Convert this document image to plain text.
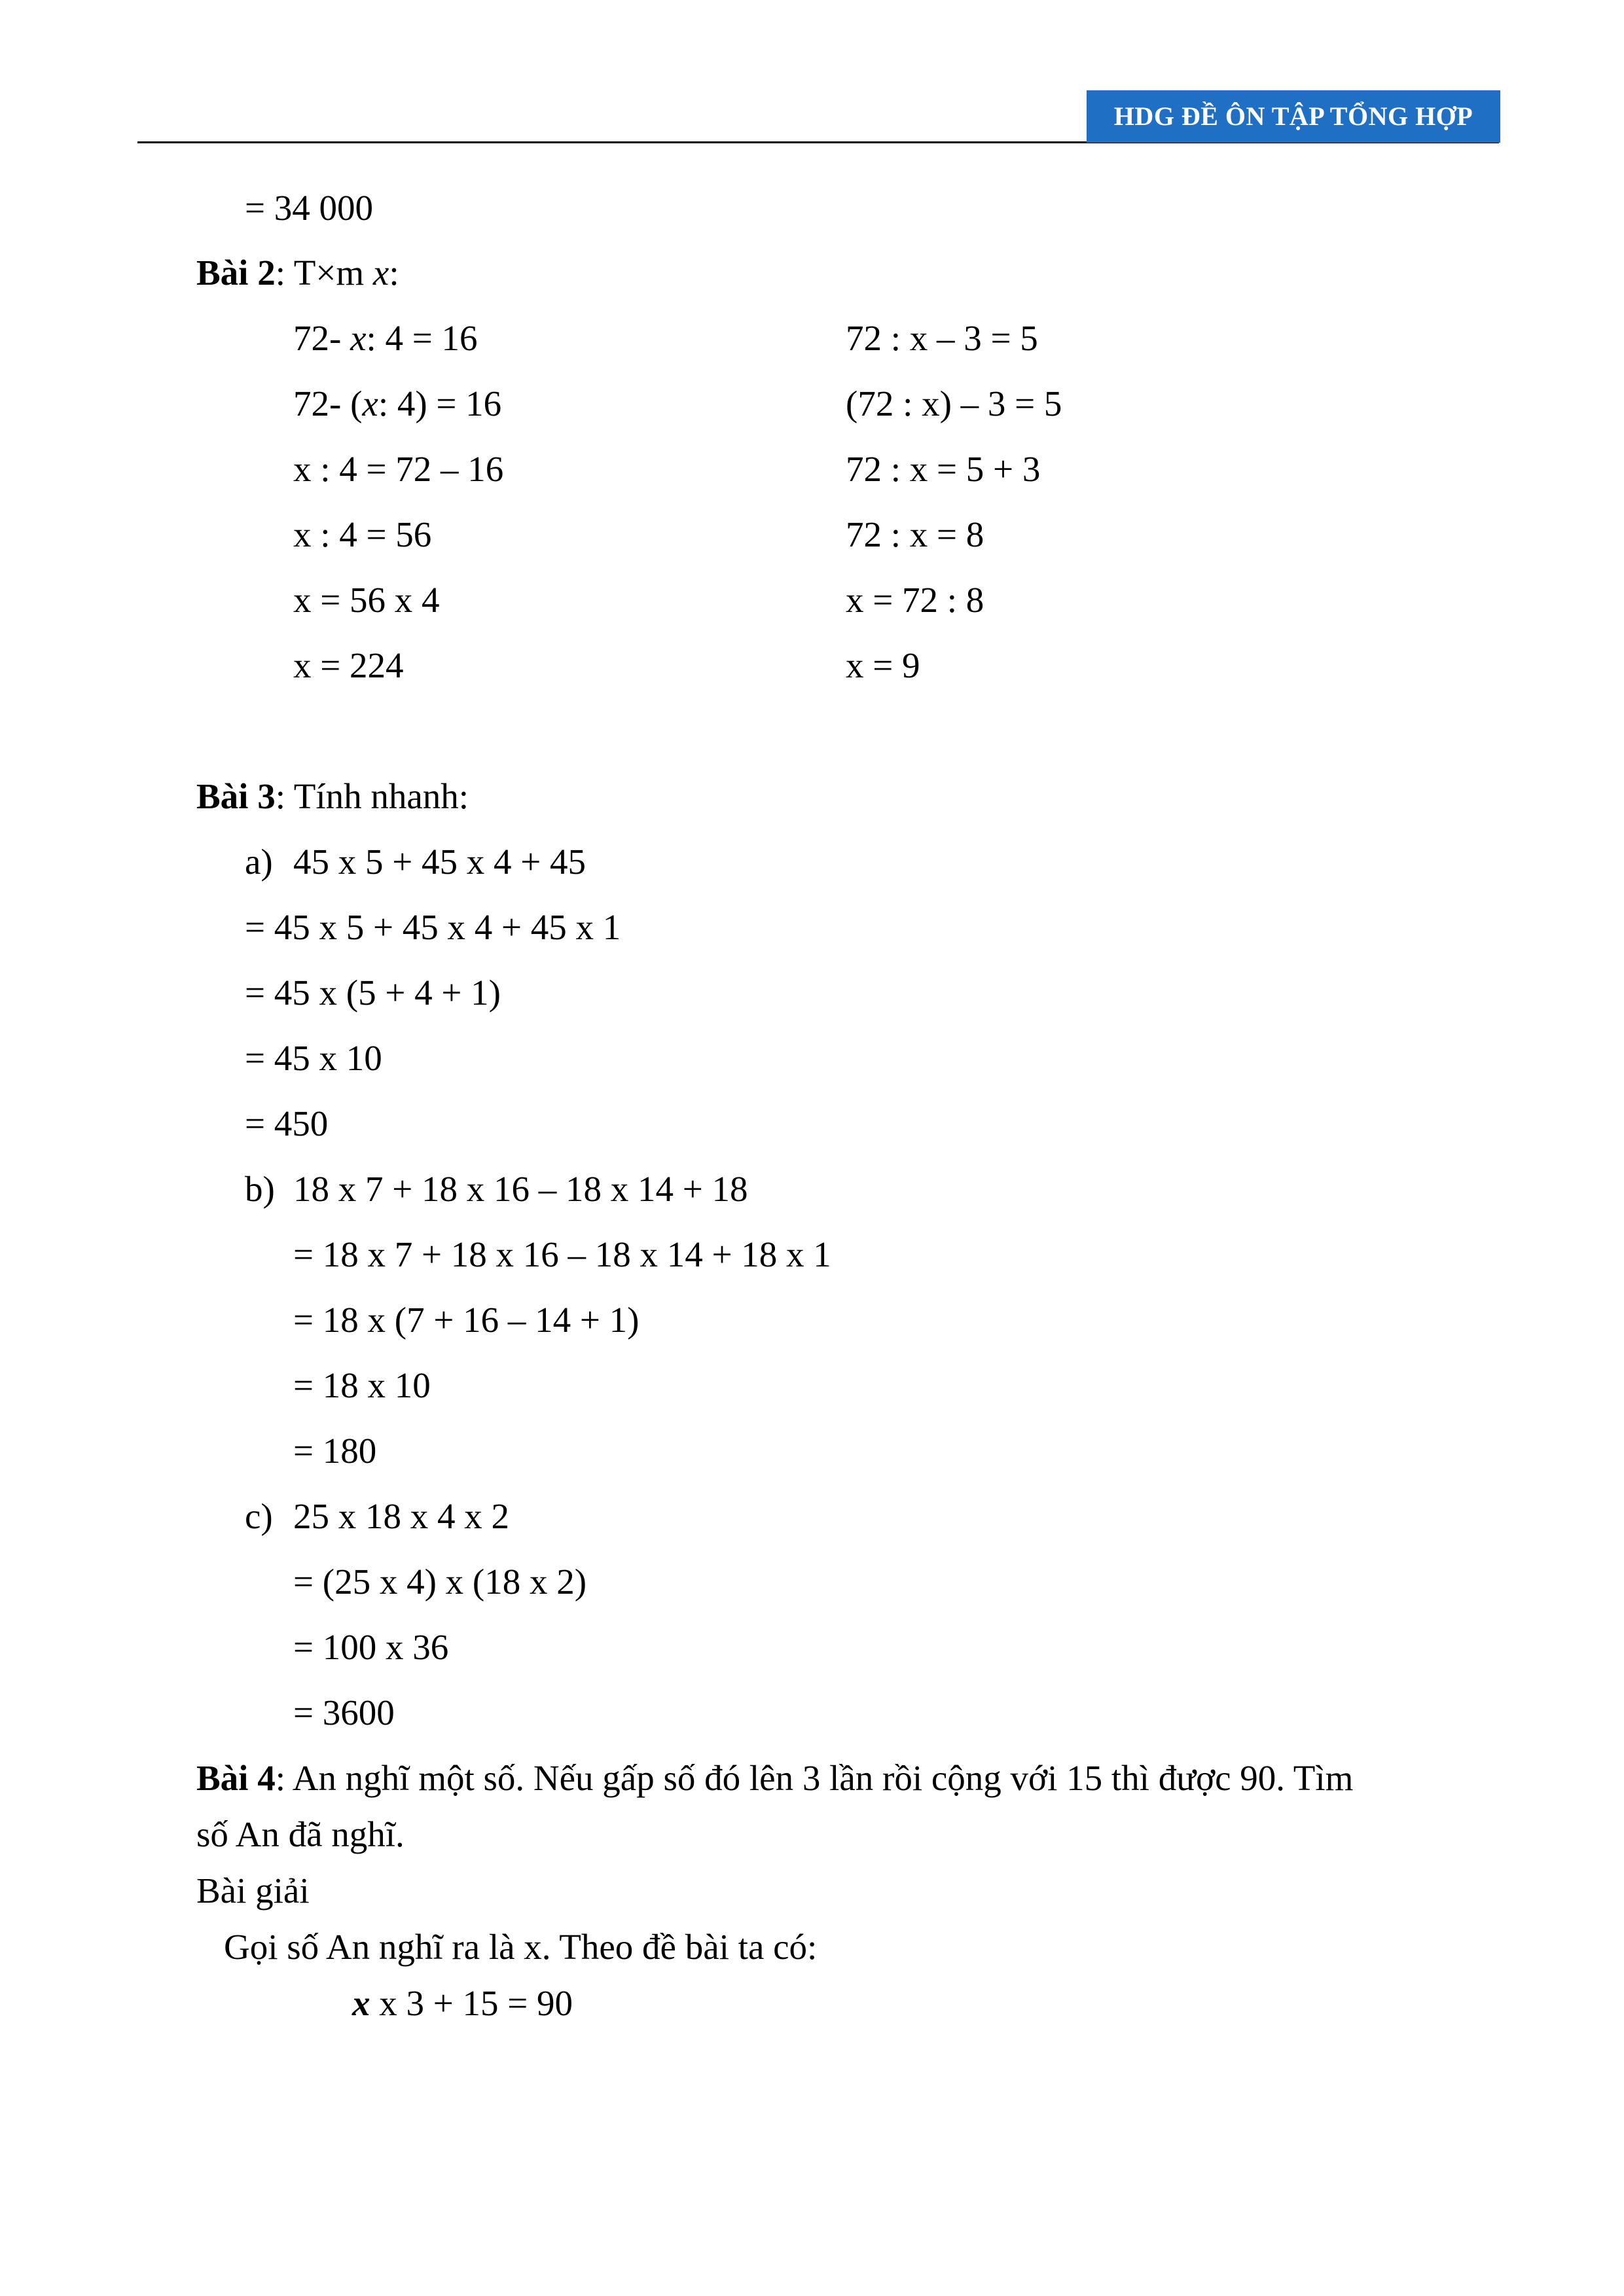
HDG ĐỀ ÔN TẬP TỔNG HỢP
= 34 000
Bài 2: T×m x:
72- x: 4 = 16
72- (x: 4) = 16
x : 4 = 72 – 16
x : 4 = 56
x = 56 x 4
x = 224
72 : x – 3 = 5
(72 : x) – 3 = 5
72 : x = 5 + 3
72 : x = 8
x = 72 : 8
x = 9
Bài 3: Tính nhanh:
a) 45 x 5 + 45 x 4 + 45
= 45 x 5 + 45 x 4 + 45 x 1
= 45 x (5 + 4 + 1)
= 45 x 10
= 450
b) 18 x 7 + 18 x 16 – 18 x 14 + 18
= 18 x 7 + 18 x 16 – 18 x 14 + 18 x 1
= 18 x (7 + 16 – 14 + 1)
= 18 x 10
= 180
c) 25 x 18 x 4 x 2
= (25 x 4) x (18 x 2)
= 100 x 36
= 3600
Bài 4: An nghĩ một số. Nếu gấp số đó lên 3 lần rồi cộng với 15 thì được 90. Tìm
số An đã nghĩ.
Bài giải
Gọi số An nghĩ ra là x. Theo đề bài ta có:
x x 3 + 15 = 90
